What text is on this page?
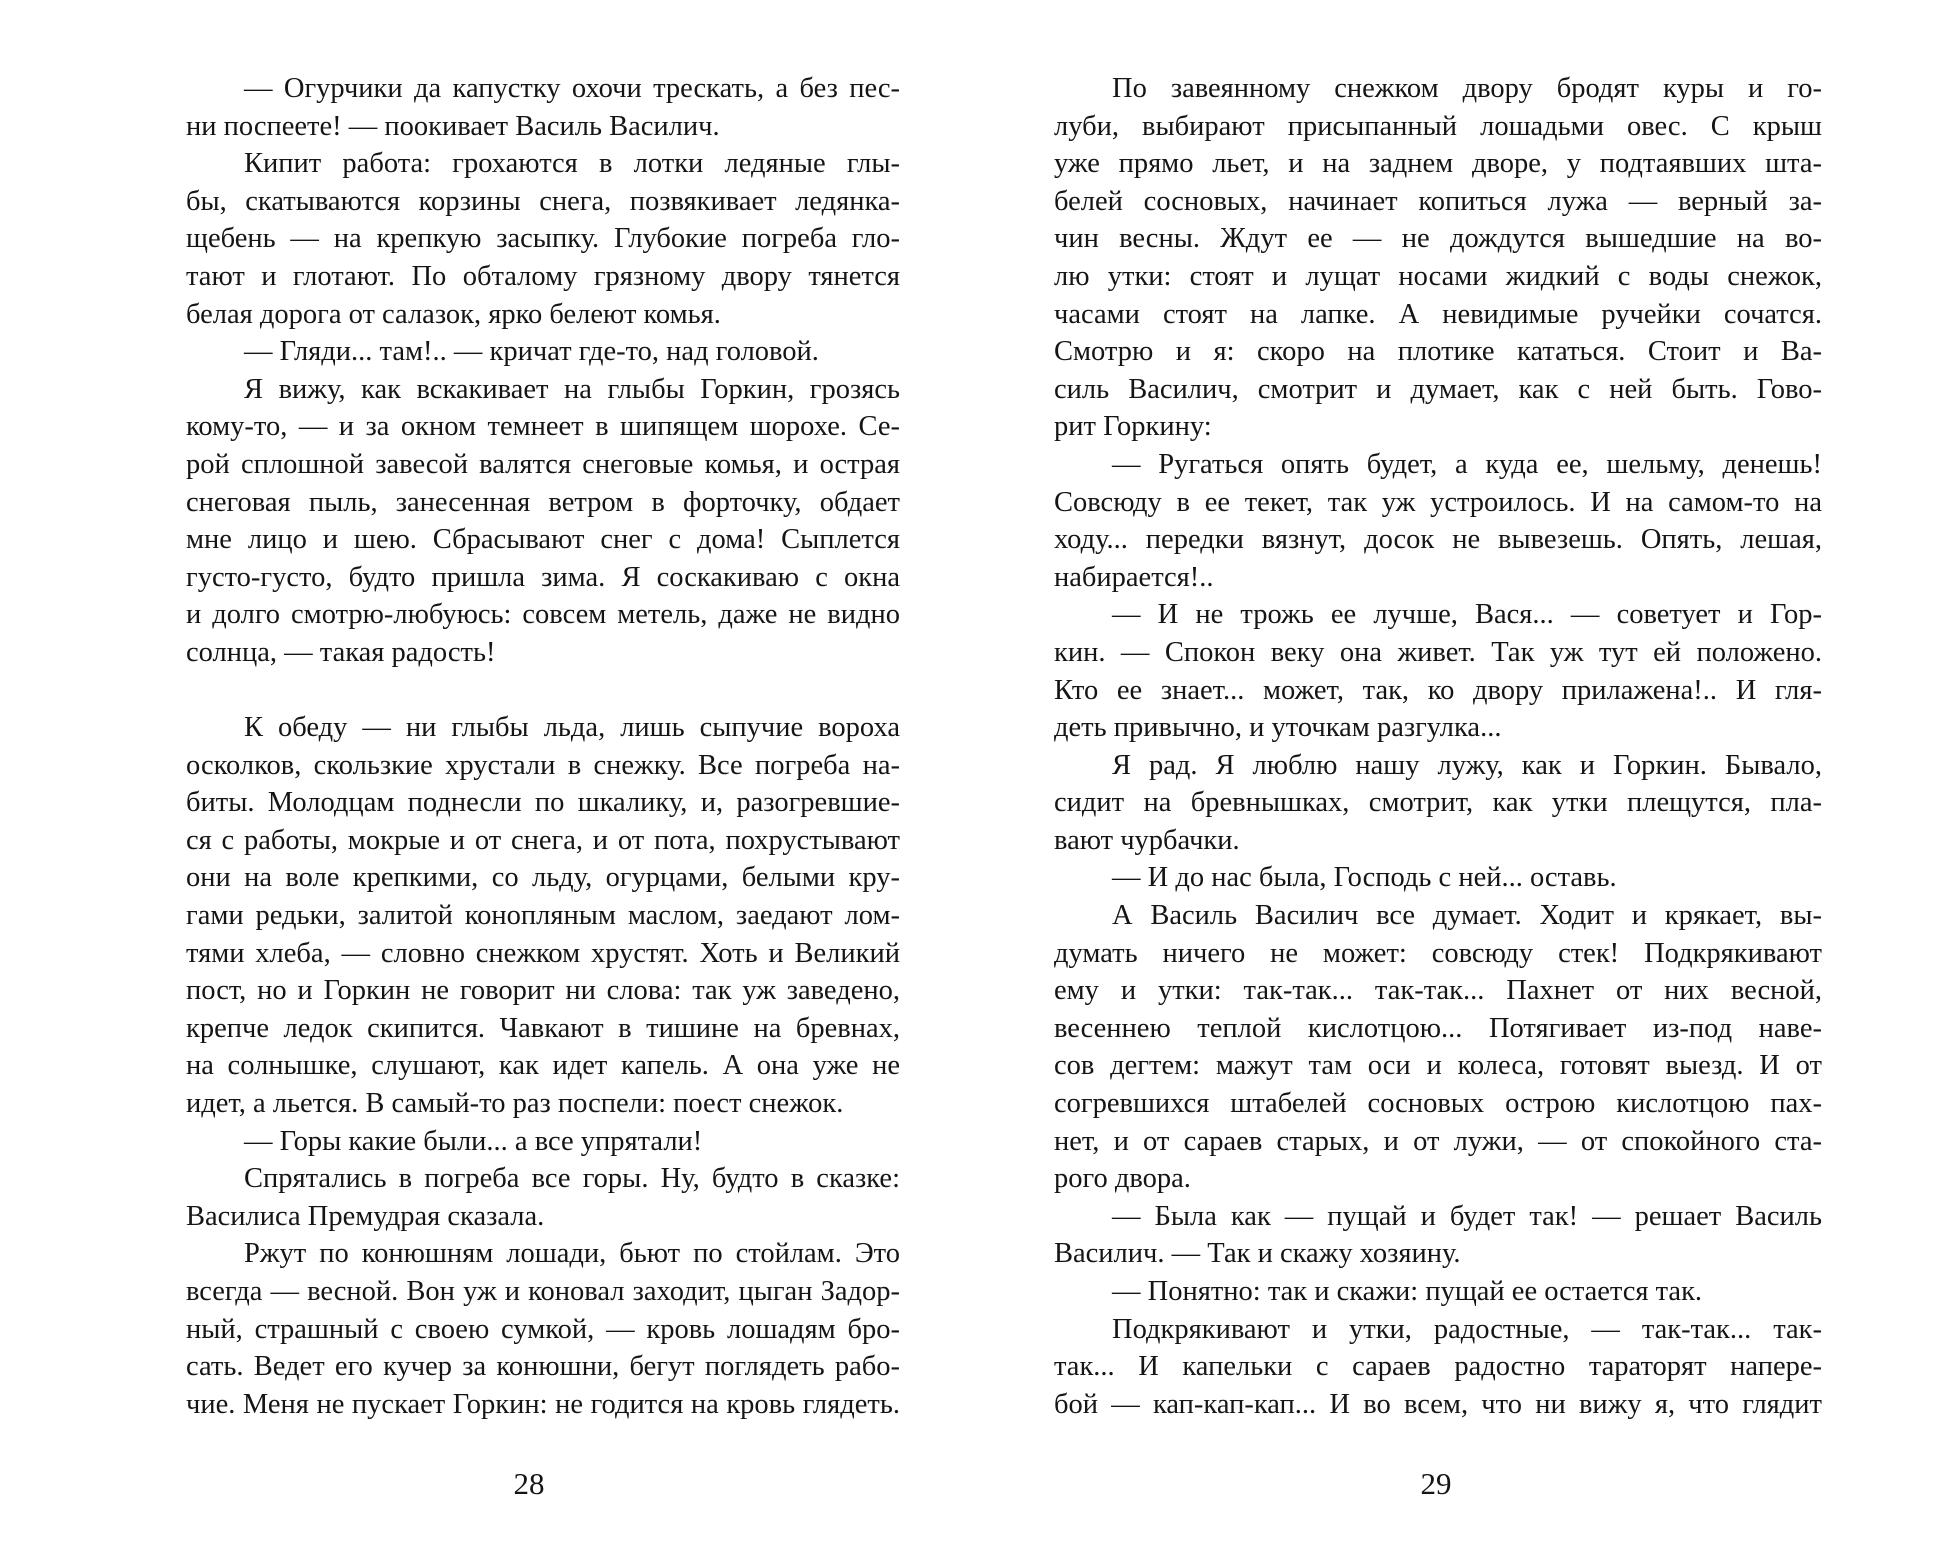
— Огурчики да капустку охочи трескать, а без пес-
ни поспеете! — поокивает Василь Василич.
Кипит работа: грохаются в лотки ледяные глы-
бы, скатываются корзины снега, позвякивает ледянка-
щебень — на крепкую засыпку. Глубокие погреба гло-
тают и глотают. По обталому грязному двору тянется
белая дорога от салазок, ярко белеют комья.
— Гляди... там!.. — кричат где-то, над головой.
Я вижу, как вскакивает на глыбы Горкин, грозясь
кому-то, — и за окном темнеет в шипящем шорохе. Се-
рой сплошной завесой валятся снеговые комья, и острая
снеговая пыль, занесенная ветром в форточку, обдает
мне лицо и шею. Сбрасывают снег с дома! Сыплется
густо-густо, будто пришла зима. Я соскакиваю с окна
и долго смотрю-любуюсь: совсем метель, даже не видно
солнца, — такая радость!
К обеду — ни глыбы льда, лишь сыпучие вороха
осколков, скользкие хрустали в снежку. Все погреба на-
биты. Молодцам поднесли по шкалику, и, разогревшие-
ся с работы, мокрые и от снега, и от пота, похрустывают
они на воле крепкими, со льду, огурцами, белыми кру-
гами редьки, залитой конопляным маслом, заедают лом-
тями хлеба, — словно снежком хрустят. Хоть и Великий
пост, но и Горкин не говорит ни слова: так уж заведено,
крепче ледок скипится. Чавкают в тишине на бревнах,
на солнышке, слушают, как идет капель. А она уже не
идет, а льется. В самый-то раз поспели: поест снежок.
— Горы какие были... а все упрятали!
Спрятались в погреба все горы. Ну, будто в сказке:
Василиса Премудрая сказала.
Ржут по конюшням лошади, бьют по стойлам. Это
всегда — весной. Вон уж и коновал заходит, цыган Задор-
ный, страшный с своею сумкой, — кровь лошадям бро-
сать. Ведет его кучер за конюшни, бегут поглядеть рабо-
чие. Меня не пускает Горкин: не годится на кровь глядеть.
По завеянному снежком двору бродят куры и го-
луби, выбирают присыпанный лошадьми овес. С крыш
уже прямо льет, и на заднем дворе, у подтаявших шта-
белей сосновых, начинает копиться лужа — верный за-
чин весны. Ждут ее — не дождутся вышедшие на во-
лю утки: стоят и лущат носами жидкий с воды снежок,
часами стоят на лапке. А невидимые ручейки сочатся.
Смотрю и я: скоро на плотике кататься. Стоит и Ва-
силь Василич, смотрит и думает, как с ней быть. Гово-
рит Горкину:
— Ругаться опять будет, а куда ее, шельму, денешь!
Совсюду в ее текет, так уж устроилось. И на самом-то на
ходу... передки вязнут, досок не вывезешь. Опять, лешая,
набирается!..
— И не трожь ее лучше, Вася... — советует и Гор-
кин. — Спокон веку она живет. Так уж тут ей положено.
Кто ее знает... может, так, ко двору прилажена!.. И гля-
деть привычно, и уточкам разгулка...
Я рад. Я люблю нашу лужу, как и Горкин. Бывало,
сидит на бревнышках, смотрит, как утки плещутся, пла-
вают чурбачки.
— И до нас была, Господь с ней... оставь.
А Василь Василич все думает. Ходит и крякает, вы-
думать ничего не может: совсюду стек! Подкрякивают
ему и утки: так-так... так-так... Пахнет от них весной,
весеннею теплой кислотцою... Потягивает из-под наве-
сов дегтем: мажут там оси и колеса, готовят выезд. И от
согревшихся штабелей сосновых острою кислотцою пах-
нет, и от сараев старых, и от лужи, — от спокойного ста-
рого двора.
— Была как — пущай и будет так! — решает Василь
Василич. — Так и скажу хозяину.
— Понятно: так и скажи: пущай ее остается так.
Подкрякивают и утки, радостные, — так-так... так-
так... И капельки с сараев радостно тараторят напере-
бой — кап-кап-кап... И во всем, что ни вижу я, что глядит
28	29
